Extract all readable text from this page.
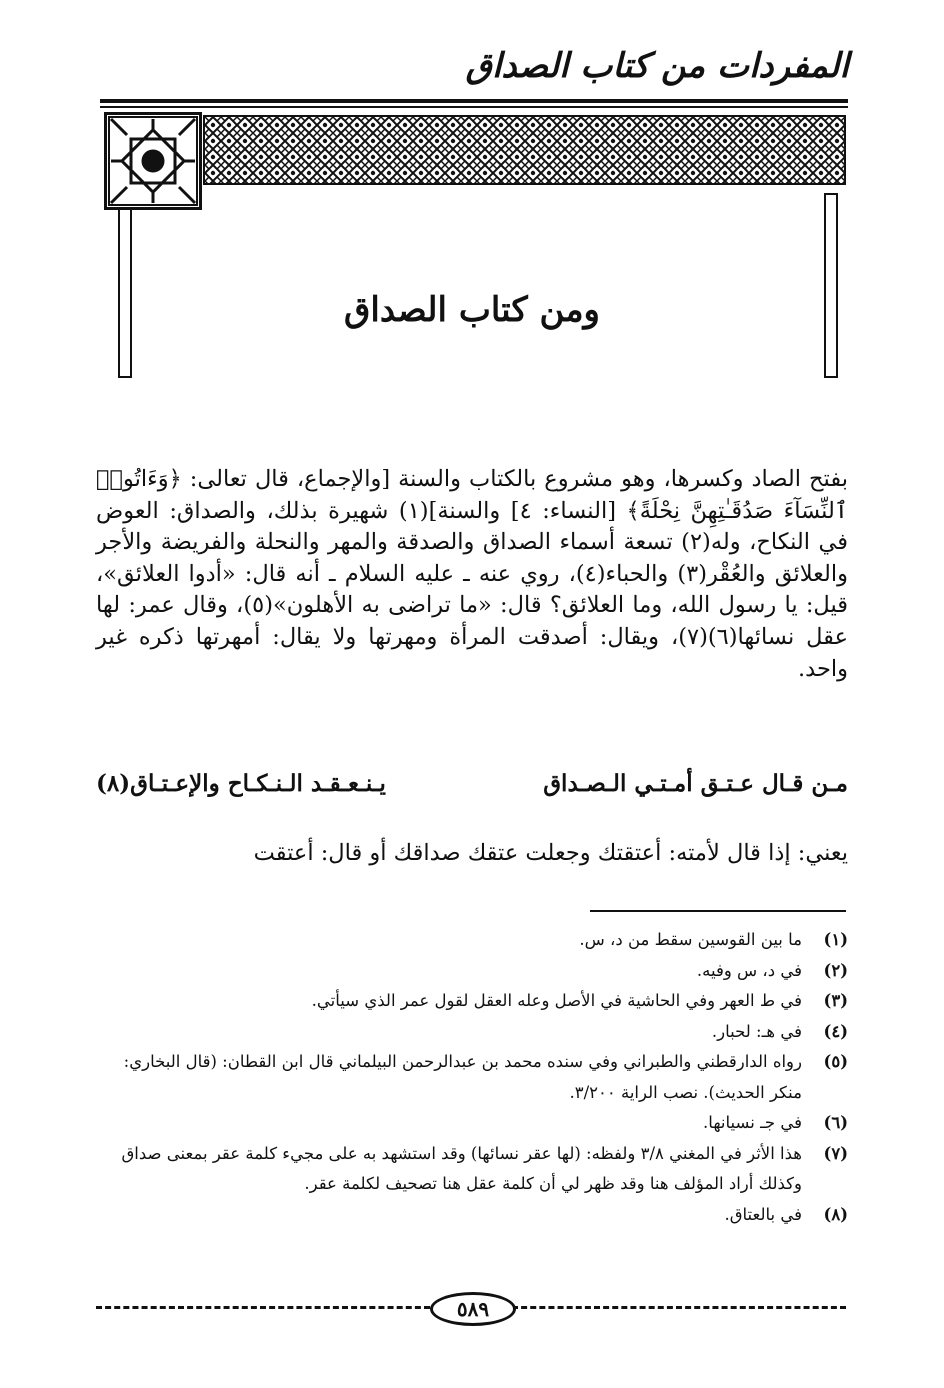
المفردات من كتاب الصداق
ومن كتاب الصداق

بفتح الصاد وكسرها، وهو مشروع بالكتاب والسنة [والإجماع، قال تعالى: ﴿وَءَاتُوا۟ ٱلنِّسَآءَ صَدُقَـٰتِهِنَّ نِحْلَةً﴾ [النساء: ٤] والسنة](١) شهيرة بذلك، والصداق: العوض في النكاح، وله(٢) تسعة أسماء الصداق والصدقة والمهر والنحلة والفريضة والأجر والعلائق والعُقْر(٣) والحباء(٤)، روي عنه ـ عليه السلام ـ أنه قال: «أدوا العلائق»، قيل: يا رسول الله، وما العلائق؟ قال: «ما تراضى به الأهلون»(٥)، وقال عمر: لها عقل نسائها(٦)(٧)، ويقال: أصدقت المرأة ومهرتها ولا يقال: أمهرتها ذكره غير واحد.

مـن قـال عـتـق أمـتـي الـصـداق
يـنـعـقـد الـنـكـاح والإعـتـاق(٨)
يعني: إذا قال لأمته: أعتقتك وجعلت عتقك صداقك أو قال: أعتقت
(١)
ما بين القوسين سقط من د، س.
(٢)
في د، س وفيه.
(٣)
في ط العهر وفي الحاشية في الأصل وعله العقل لقول عمر الذي سيأتي.
(٤)
في هـ: لحبار.
(٥)
رواه الدارقطني والطبراني وفي سنده محمد بن عبدالرحمن البيلماني قال ابن القطان: (قال البخاري: منكر الحديث). نصب الراية ٣/٢٠٠.
(٦)
في جـ نسيانها.
(٧)
هذا الأثر في المغني ٣/٨ ولفظه: (لها عقر نسائها) وقد استشهد به على مجيء كلمة عقر بمعنى صداق وكذلك أراد المؤلف هنا وقد ظهر لي أن كلمة عقل هنا تصحيف لكلمة عقر.
(٨)
في بالعتاق.
٥٨٩
